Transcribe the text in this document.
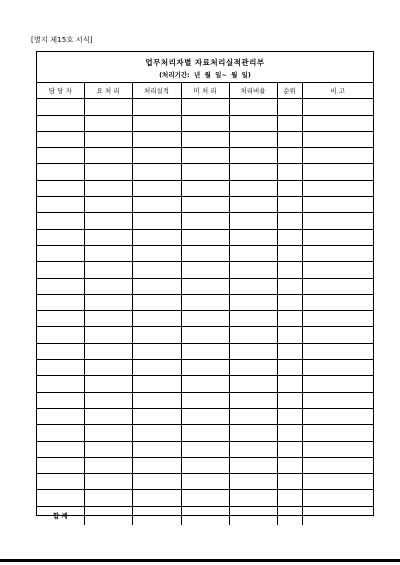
[별지 제15호 서식]
업무처리자별 자료처리실적관리부
(처리기간: 년 월 일~ 월 일)
담 당 자	요 처 리	처리실적	미 처 리	처리비율	순위	비 고

합 계						
